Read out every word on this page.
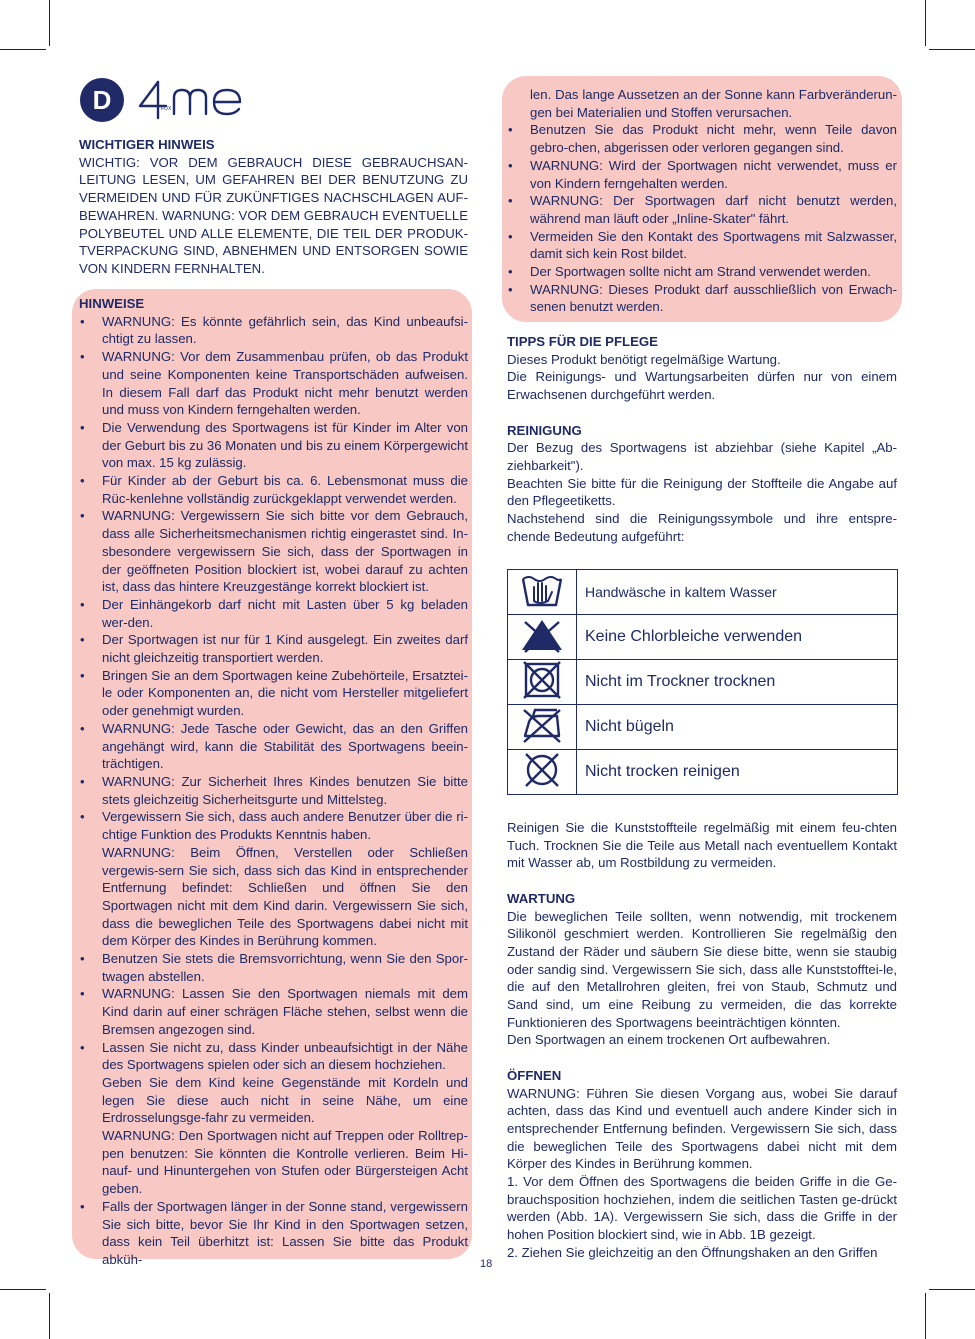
D	FOX

WICHTIGER HINWEIS

WICHTIG: VOR DEM GEBRAUCH DIESE GEBRAUCHSAN-LEITUNG LESEN, UM GEFAHREN BEI DER BENUTZUNG ZU VERMEIDEN UND FÜR ZUKÜNFTIGES NACHSCHLAGEN AUF-BEWAHREN. WARNUNG: VOR DEM GEBRAUCH EVENTUELLE POLYBEUTEL UND ALLE ELEMENTE, DIE TEIL DER PRODUK-TVERPACKUNG SIND, ABNEHMEN UND ENTSORGEN SOWIE VON KINDERN FERNHALTEN.

HINWEISE

• WARNUNG: Es könnte gefährlich sein, das Kind unbeaufsi-chtigt zu lassen.
• WARNUNG: Vor dem Zusammenbau prüfen, ob das Produkt und seine Komponenten keine Transportschäden aufweisen. In diesem Fall darf das Produkt nicht mehr benutzt werden und muss von Kindern ferngehalten werden.
• Die Verwendung des Sportwagens ist für Kinder im Alter von der Geburt bis zu 36 Monaten und bis zu einem Körpergewicht von max. 15 kg zulässig.
• Für Kinder ab der Geburt bis ca. 6. Lebensmonat muss die Rüc-kenlehne vollständig zurückgeklappt verwendet werden.
• WARNUNG: Vergewissern Sie sich bitte vor dem Gebrauch, dass alle Sicherheitsmechanismen richtig eingerastet sind. In-sbesondere vergewissern Sie sich, dass der Sportwagen in der geöffneten Position blockiert ist, wobei darauf zu achten ist, dass das hintere Kreuzgestänge korrekt blockiert ist.
• Der Einhängekorb darf nicht mit Lasten über 5 kg beladen wer-den.
• Der Sportwagen ist nur für 1 Kind ausgelegt. Ein zweites darf nicht gleichzeitig transportiert werden.
• Bringen Sie an dem Sportwagen keine Zubehörteile, Ersatztei-le oder Komponenten an, die nicht vom Hersteller mitgeliefert oder genehmigt wurden.
• WARNUNG: Jede Tasche oder Gewicht, das an den Griffen angehängt wird, kann die Stabilität des Sportwagens beein-trächtigen.
• WARNUNG: Zur Sicherheit Ihres Kindes benutzen Sie bitte stets gleichzeitig Sicherheitsgurte und Mittelsteg.
• Vergewissern Sie sich, dass auch andere Benutzer über die ri-chtige Funktion des Produkts Kenntnis haben.
WARNUNG: Beim Öffnen, Verstellen oder Schließen vergewis-sern Sie sich, dass sich das Kind in entsprechender Entfernung befindet: Schließen und öffnen Sie den Sportwagen nicht mit dem Kind darin. Vergewissern Sie sich, dass die beweglichen Teile des Sportwagens dabei nicht mit dem Körper des Kindes in Berührung kommen.
• Benutzen Sie stets die Bremsvorrichtung, wenn Sie den Spor-twagen abstellen.
• WARNUNG: Lassen Sie den Sportwagen niemals mit dem Kind darin auf einer schrägen Fläche stehen, selbst wenn die Bremsen angezogen sind.
• Lassen Sie nicht zu, dass Kinder unbeaufsichtigt in der Nähe des Sportwagens spielen oder sich an diesem hochziehen.
Geben Sie dem Kind keine Gegenstände mit Kordeln und legen Sie diese auch nicht in seine Nähe, um eine Erdrosselungsge-fahr zu vermeiden.
WARNUNG: Den Sportwagen nicht auf Treppen oder Rolltrep-pen benutzen: Sie könnten die Kontrolle verlieren. Beim Hi-nauf- und Hinuntergehen von Stufen oder Bürgersteigen Acht geben.
• Falls der Sportwagen länger in der Sonne stand, vergewissern Sie sich bitte, bevor Sie Ihr Kind in den Sportwagen setzen, dass kein Teil überhitzt ist: Lassen Sie bitte das Produkt abküh-
len. Das lange Aussetzen an der Sonne kann Farbveränderun-gen bei Materialien und Stoffen verursachen.
• Benutzen Sie das Produkt nicht mehr, wenn Teile davon gebro-chen, abgerissen oder verloren gegangen sind.
• WARNUNG: Wird der Sportwagen nicht verwendet, muss er von Kindern ferngehalten werden.
• WARNUNG: Der Sportwagen darf nicht benutzt werden, während man läuft oder „Inline-Skater" fährt.
• Vermeiden Sie den Kontakt des Sportwagens mit Salzwasser, damit sich kein Rost bildet.
• Der Sportwagen sollte nicht am Strand verwendet werden.
• WARNUNG: Dieses Produkt darf ausschließlich von Erwach-senen benutzt werden.

TIPPS FÜR DIE PFLEGE

Dieses Produkt benötigt regelmäßige Wartung.

Die Reinigungs- und Wartungsarbeiten dürfen nur von einem Erwachsenen durchgeführt werden.

REINIGUNG

Der Bezug des Sportwagens ist abziehbar (siehe Kapitel „Ab-ziehbarkeit").

Beachten Sie bitte für die Reinigung der Stoffteile die Angabe auf den Pflegeetiketts.

Nachstehend sind die Reinigungssymbole und ihre entspre-chende Bedeutung aufgeführt:

	Handwäsche in kaltem Wasser
	Keine Chlorbleiche verwenden
	Nicht im Trockner trocknen
	Nicht bügeln
	Nicht trocken reinigen

Reinigen Sie die Kunststoffteile regelmäßig mit einem feu-chten Tuch. Trocknen Sie die Teile aus Metall nach eventuellem Kontakt mit Wasser ab, um Rostbildung zu vermeiden.

WARTUNG

Die beweglichen Teile sollten, wenn notwendig, mit trockenem Silikonöl geschmiert werden. Kontrollieren Sie regelmäßig den Zustand der Räder und säubern Sie diese bitte, wenn sie staubig oder sandig sind. Vergewissern Sie sich, dass alle Kunststofftei-le, die auf den Metallrohren gleiten, frei von Staub, Schmutz und Sand sind, um eine Reibung zu vermeiden, die das korrekte Funktionieren des Sportwagens beeinträchtigen könnten.

Den Sportwagen an einem trockenen Ort aufbewahren.

ÖFFNEN

WARNUNG: Führen Sie diesen Vorgang aus, wobei Sie darauf achten, dass das Kind und eventuell auch andere Kinder sich in entsprechender Entfernung befinden. Vergewissern Sie sich, dass die beweglichen Teile des Sportwagens dabei nicht mit dem Körper des Kindes in Berührung kommen.

1. Vor dem Öffnen des Sportwagens die beiden Griffe in die Ge-brauchsposition hochziehen, indem die seitlichen Tasten ge-drückt werden (Abb. 1A). Vergewissern Sie sich, dass die Griffe in der hohen Position blockiert sind, wie in Abb. 1B gezeigt.

2. Ziehen Sie gleichzeitig an den Öffnungshaken an den Griffen

18
